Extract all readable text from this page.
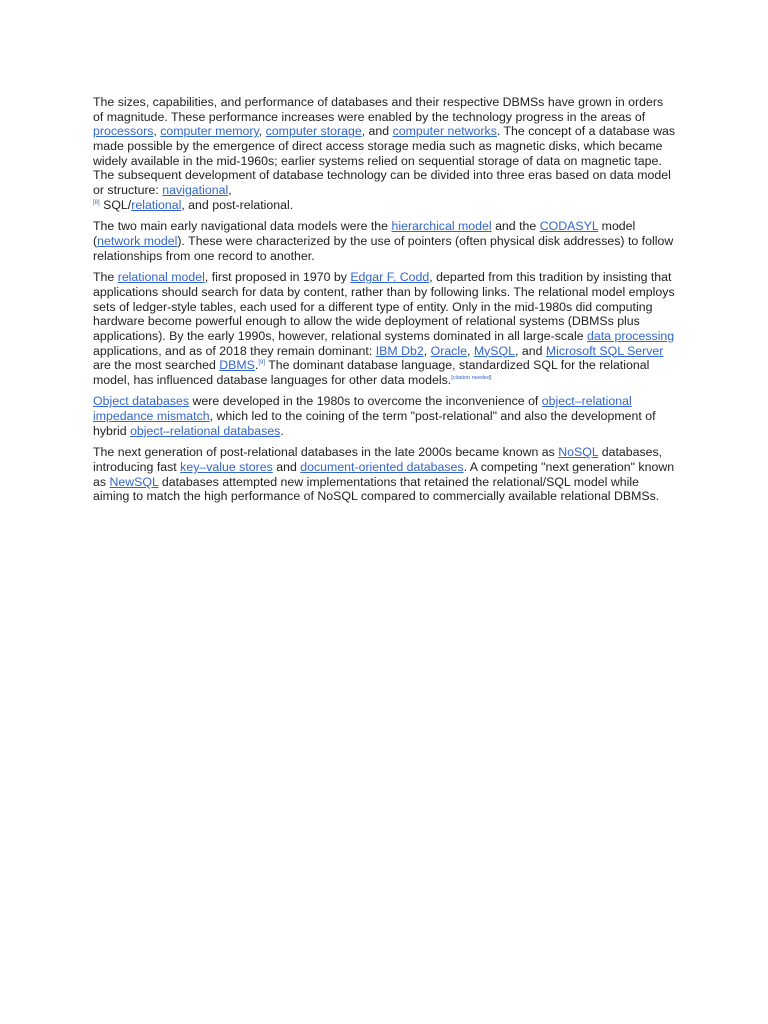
The sizes, capabilities, and performance of databases and their respective DBMSs have grown in orders of magnitude. These performance increases were enabled by the technology progress in the areas of processors, computer memory, computer storage, and computer networks. The concept of a database was made possible by the emergence of direct access storage media such as magnetic disks, which became widely available in the mid-1960s; earlier systems relied on sequential storage of data on magnetic tape. The subsequent development of database technology can be divided into three eras based on data model or structure: navigational,
[8] SQL/relational, and post-relational.

The two main early navigational data models were the hierarchical model and the CODASYL model (network model). These were characterized by the use of pointers (often physical disk addresses) to follow relationships from one record to another.

The relational model, first proposed in 1970 by Edgar F. Codd, departed from this tradition by insisting that applications should search for data by content, rather than by following links. The relational model employs sets of ledger-style tables, each used for a different type of entity. Only in the mid-1980s did computing hardware become powerful enough to allow the wide deployment of relational systems (DBMSs plus applications). By the early 1990s, however, relational systems dominated in all large-scale data processing applications, and as of 2018 they remain dominant: IBM Db2, Oracle, MySQL, and Microsoft SQL Server are the most searched DBMS.[9] The dominant database language, standardized SQL for the relational model, has influenced database languages for other data models.[citation needed]

Object databases were developed in the 1980s to overcome the inconvenience of object–relational impedance mismatch, which led to the coining of the term "post-relational" and also the development of hybrid object–relational databases.

The next generation of post-relational databases in the late 2000s became known as NoSQL databases, introducing fast key–value stores and document-oriented databases. A competing "next generation" known as NewSQL databases attempted new implementations that retained the relational/SQL model while aiming to match the high performance of NoSQL compared to commercially available relational DBMSs.
